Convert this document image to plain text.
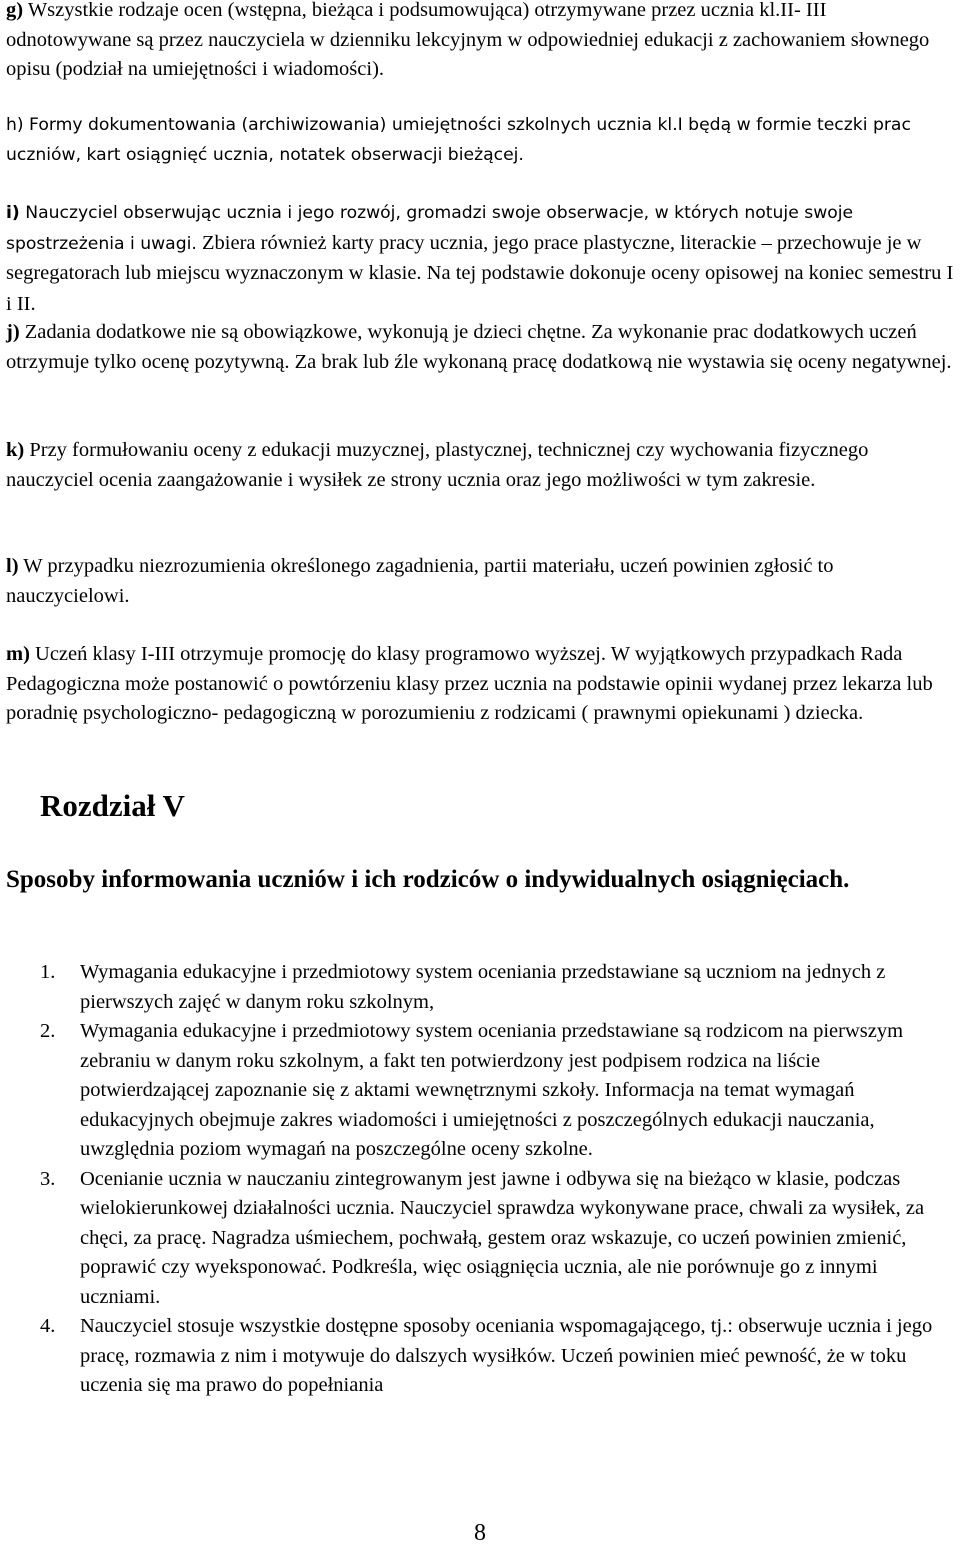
g) Wszystkie rodzaje ocen (wstępna, bieżąca i podsumowująca) otrzymywane przez ucznia kl.II- III odnotowywane są przez nauczyciela w dzienniku lekcyjnym w odpowiedniej edukacji z zachowaniem słownego opisu (podział na umiejętności i wiadomości).

h) Formy dokumentowania (archiwizowania) umiejętności szkolnych ucznia kl.I będą w formie teczki prac uczniów, kart osiągnięć ucznia, notatek obserwacji bieżącej.

i) Nauczyciel obserwując ucznia i jego rozwój, gromadzi swoje obserwacje, w których notuje swoje spostrzeżenia i uwagi. Zbiera również karty pracy ucznia, jego prace plastyczne, literackie – przechowuje je w segregatorach lub miejscu wyznaczonym w klasie. Na tej podstawie dokonuje oceny opisowej na koniec semestru I i II.

j) Zadania dodatkowe nie są obowiązkowe, wykonują je dzieci chętne. Za wykonanie prac dodatkowych uczeń otrzymuje tylko ocenę pozytywną. Za brak lub źle wykonaną pracę dodatkową nie wystawia się oceny negatywnej.

k) Przy formułowaniu oceny z edukacji muzycznej, plastycznej, technicznej czy wychowania fizycznego nauczyciel ocenia zaangażowanie i wysiłek ze strony ucznia oraz jego możliwości w tym zakresie.

l) W przypadku niezrozumienia określonego zagadnienia, partii materiału, uczeń powinien zgłosić to nauczycielowi.

m) Uczeń klasy I-III otrzymuje promocję do klasy programowo wyższej. W wyjątkowych przypadkach Rada Pedagogiczna może postanowić o powtórzeniu klasy przez ucznia na podstawie opinii wydanej przez lekarza lub poradnię psychologiczno- pedagogiczną w porozumieniu z rodzicami ( prawnymi opiekunami ) dziecka.

Rozdział V
Sposoby informowania uczniów i ich rodziców o indywidualnych osiągnięciach.
1. Wymagania edukacyjne i przedmiotowy system oceniania przedstawiane są uczniom na jednych z pierwszych zajęć w danym roku szkolnym,
2. Wymagania edukacyjne i przedmiotowy system oceniania przedstawiane są rodzicom na pierwszym zebraniu w danym roku szkolnym, a fakt ten potwierdzony jest podpisem rodzica na liście potwierdzającej zapoznanie się z aktami wewnętrznymi szkoły. Informacja na temat wymagań edukacyjnych obejmuje zakres wiadomości i umiejętności z poszczególnych edukacji nauczania, uwzględnia poziom wymagań na poszczególne oceny szkolne.
3. Ocenianie ucznia w nauczaniu zintegrowanym jest jawne i odbywa się na bieżąco w klasie, podczas wielokierunkowej działalności ucznia. Nauczyciel sprawdza wykonywane prace, chwali za wysiłek, za chęci, za pracę. Nagradza uśmiechem, pochwałą, gestem oraz wskazuje, co uczeń powinien zmienić, poprawić czy wyeksponować. Podkreśla, więc osiągnięcia ucznia, ale nie porównuje go z innymi uczniami.
4. Nauczyciel stosuje wszystkie dostępne sposoby oceniania wspomagającego, tj.: obserwuje ucznia i jego pracę, rozmawia z nim i motywuje do dalszych wysiłków. Uczeń powinien mieć pewność, że w toku uczenia się ma prawo do popełniania
8
